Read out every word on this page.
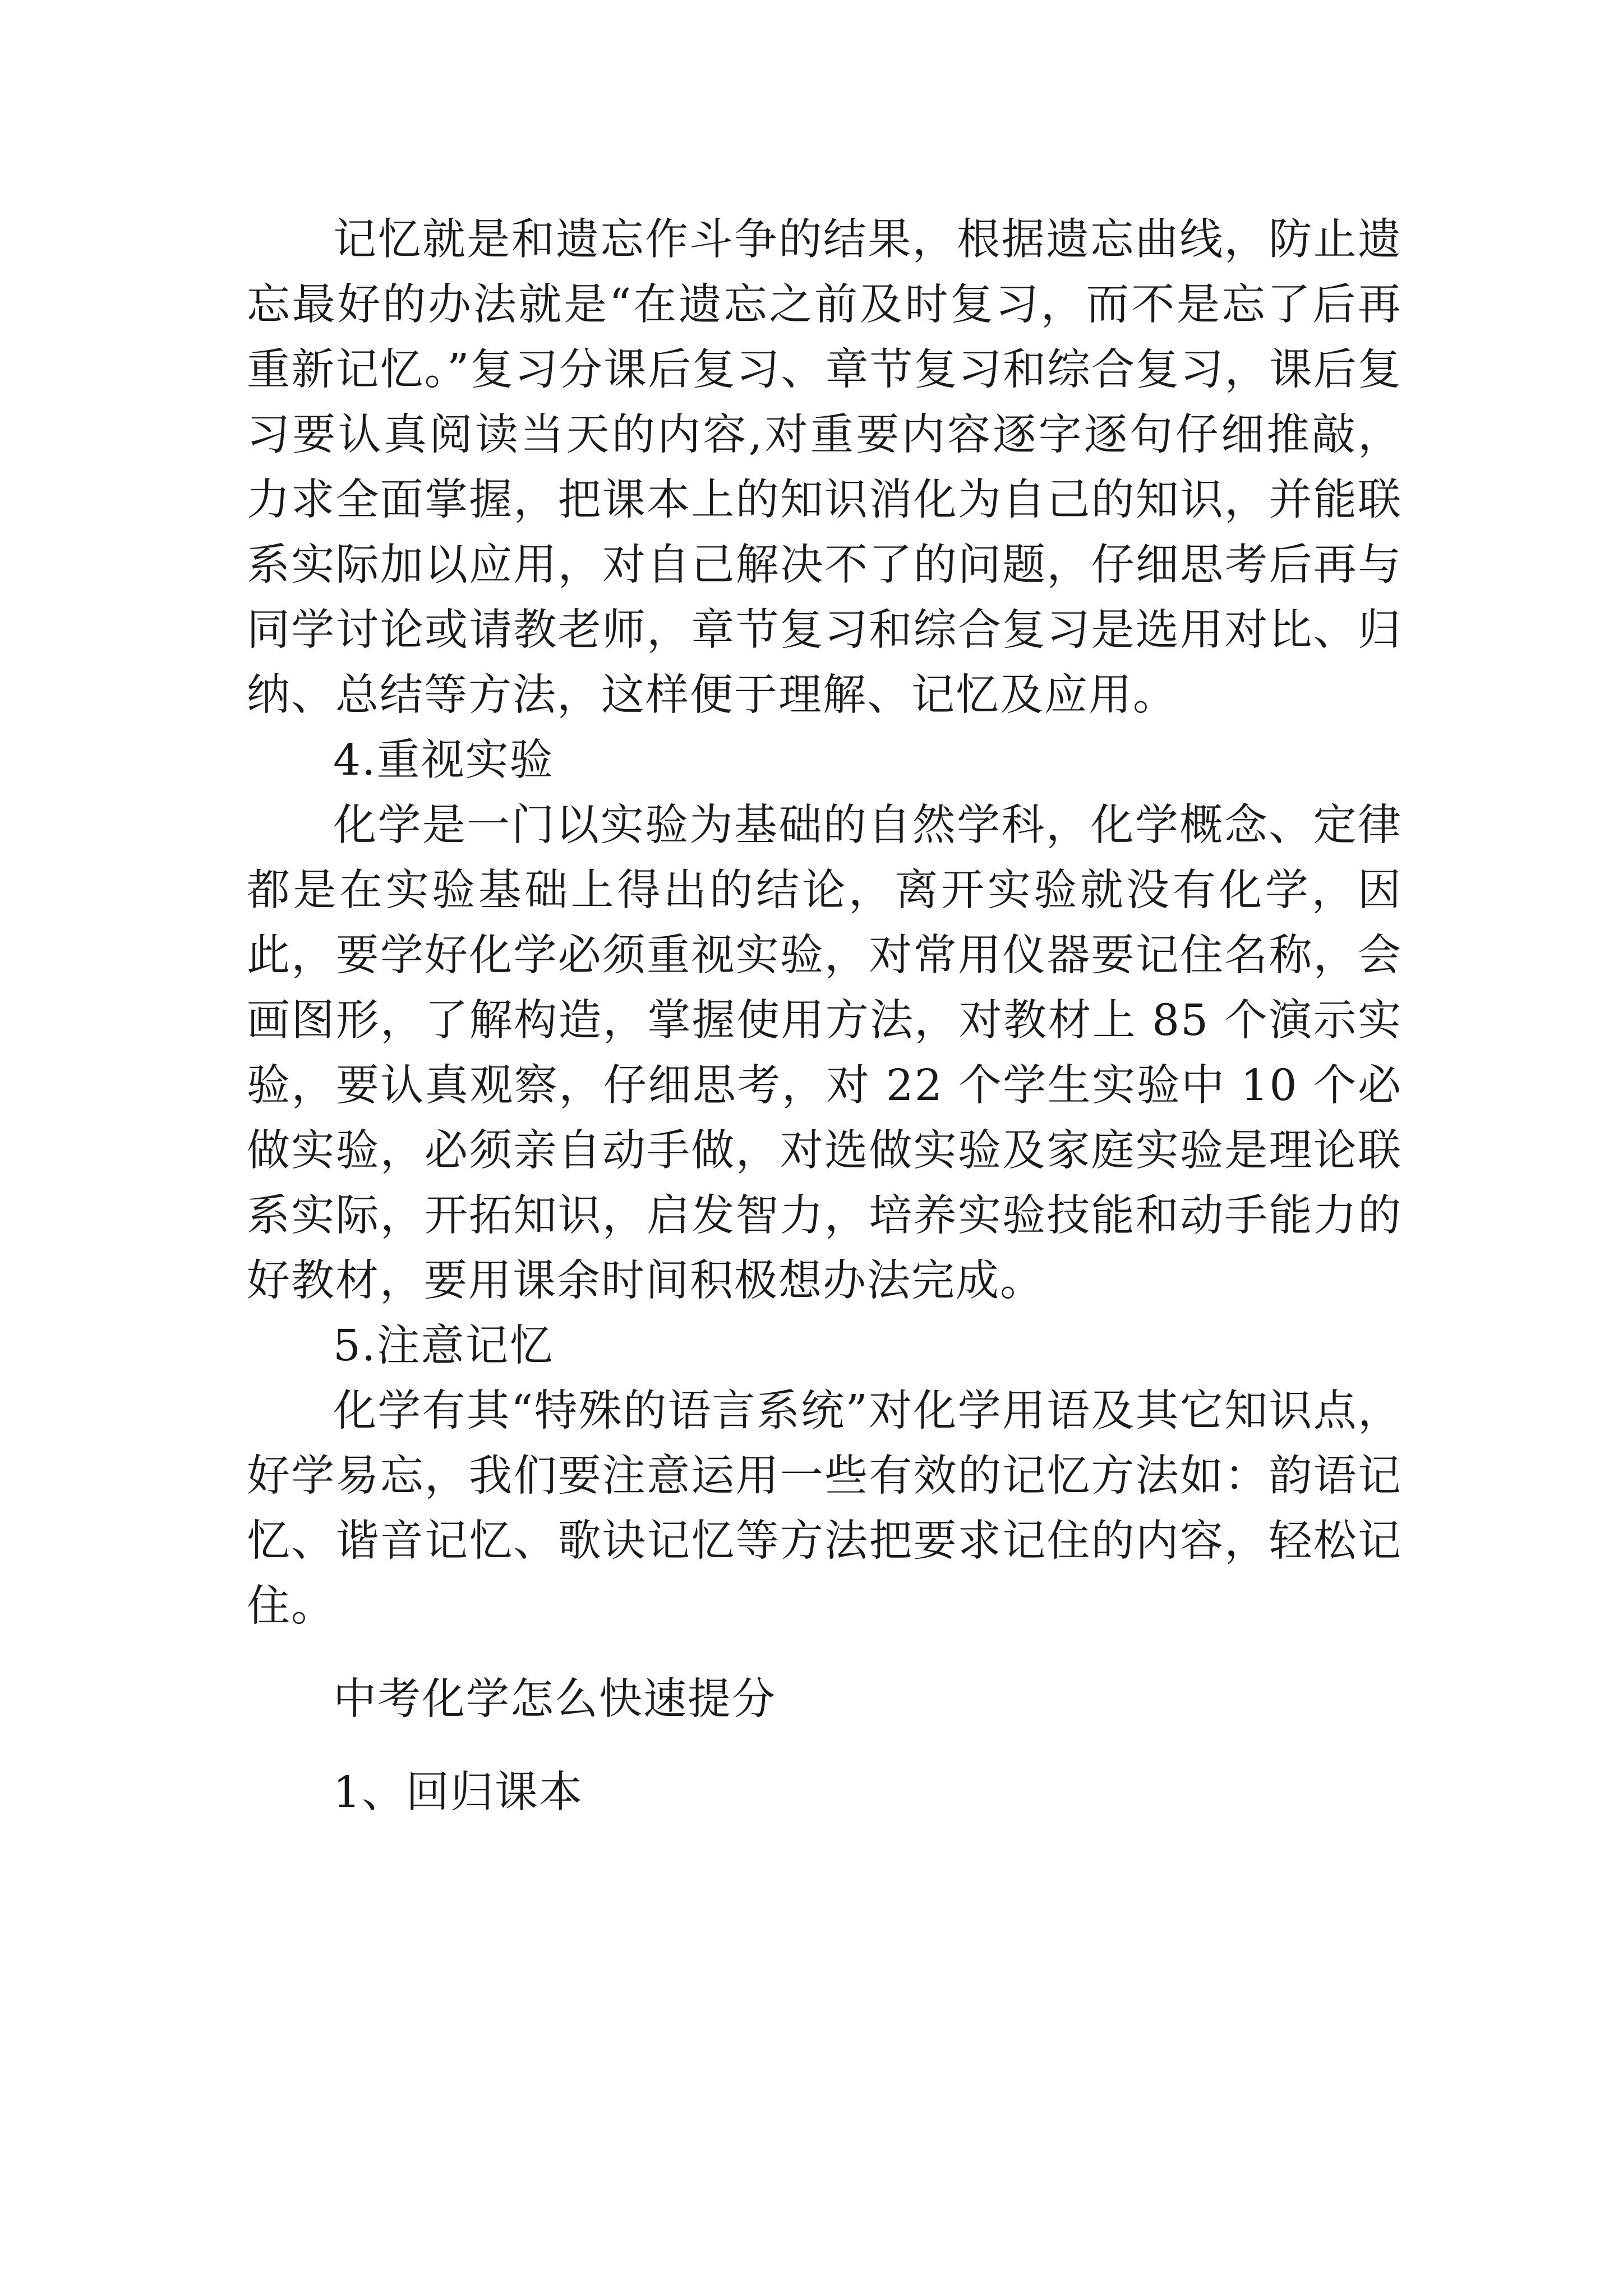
记忆就是和遗忘作斗争的结果，根据遗忘曲线，防止遗忘最好的办法就是“在遗忘之前及时复习，而不是忘了后再重新记忆。”复习分课后复习、章节复习和综合复习，课后复习要认真阅读当天的内容,对重要内容逐字逐句仔细推敲，力求全面掌握，把课本上的知识消化为自己的知识，并能联系实际加以应用，对自己解决不了的问题，仔细思考后再与同学讨论或请教老师，章节复习和综合复习是选用对比、归纳、总结等方法，这样便于理解、记忆及应用。

4.重视实验

化学是一门以实验为基础的自然学科，化学概念、定律都是在实验基础上得出的结论，离开实验就没有化学，因此，要学好化学必须重视实验，对常用仪器要记住名称，会画图形，了解构造，掌握使用方法，对教材上 85 个演示实验，要认真观察，仔细思考，对 22 个学生实验中 10 个必做实验，必须亲自动手做，对选做实验及家庭实验是理论联系实际，开拓知识，启发智力，培养实验技能和动手能力的好教材，要用课余时间积极想办法完成。

5.注意记忆

化学有其“特殊的语言系统”对化学用语及其它知识点，好学易忘，我们要注意运用一些有效的记忆方法如：韵语记忆、谐音记忆、歌诀记忆等方法把要求记住的内容，轻松记住。

中考化学怎么快速提分

1、回归课本
